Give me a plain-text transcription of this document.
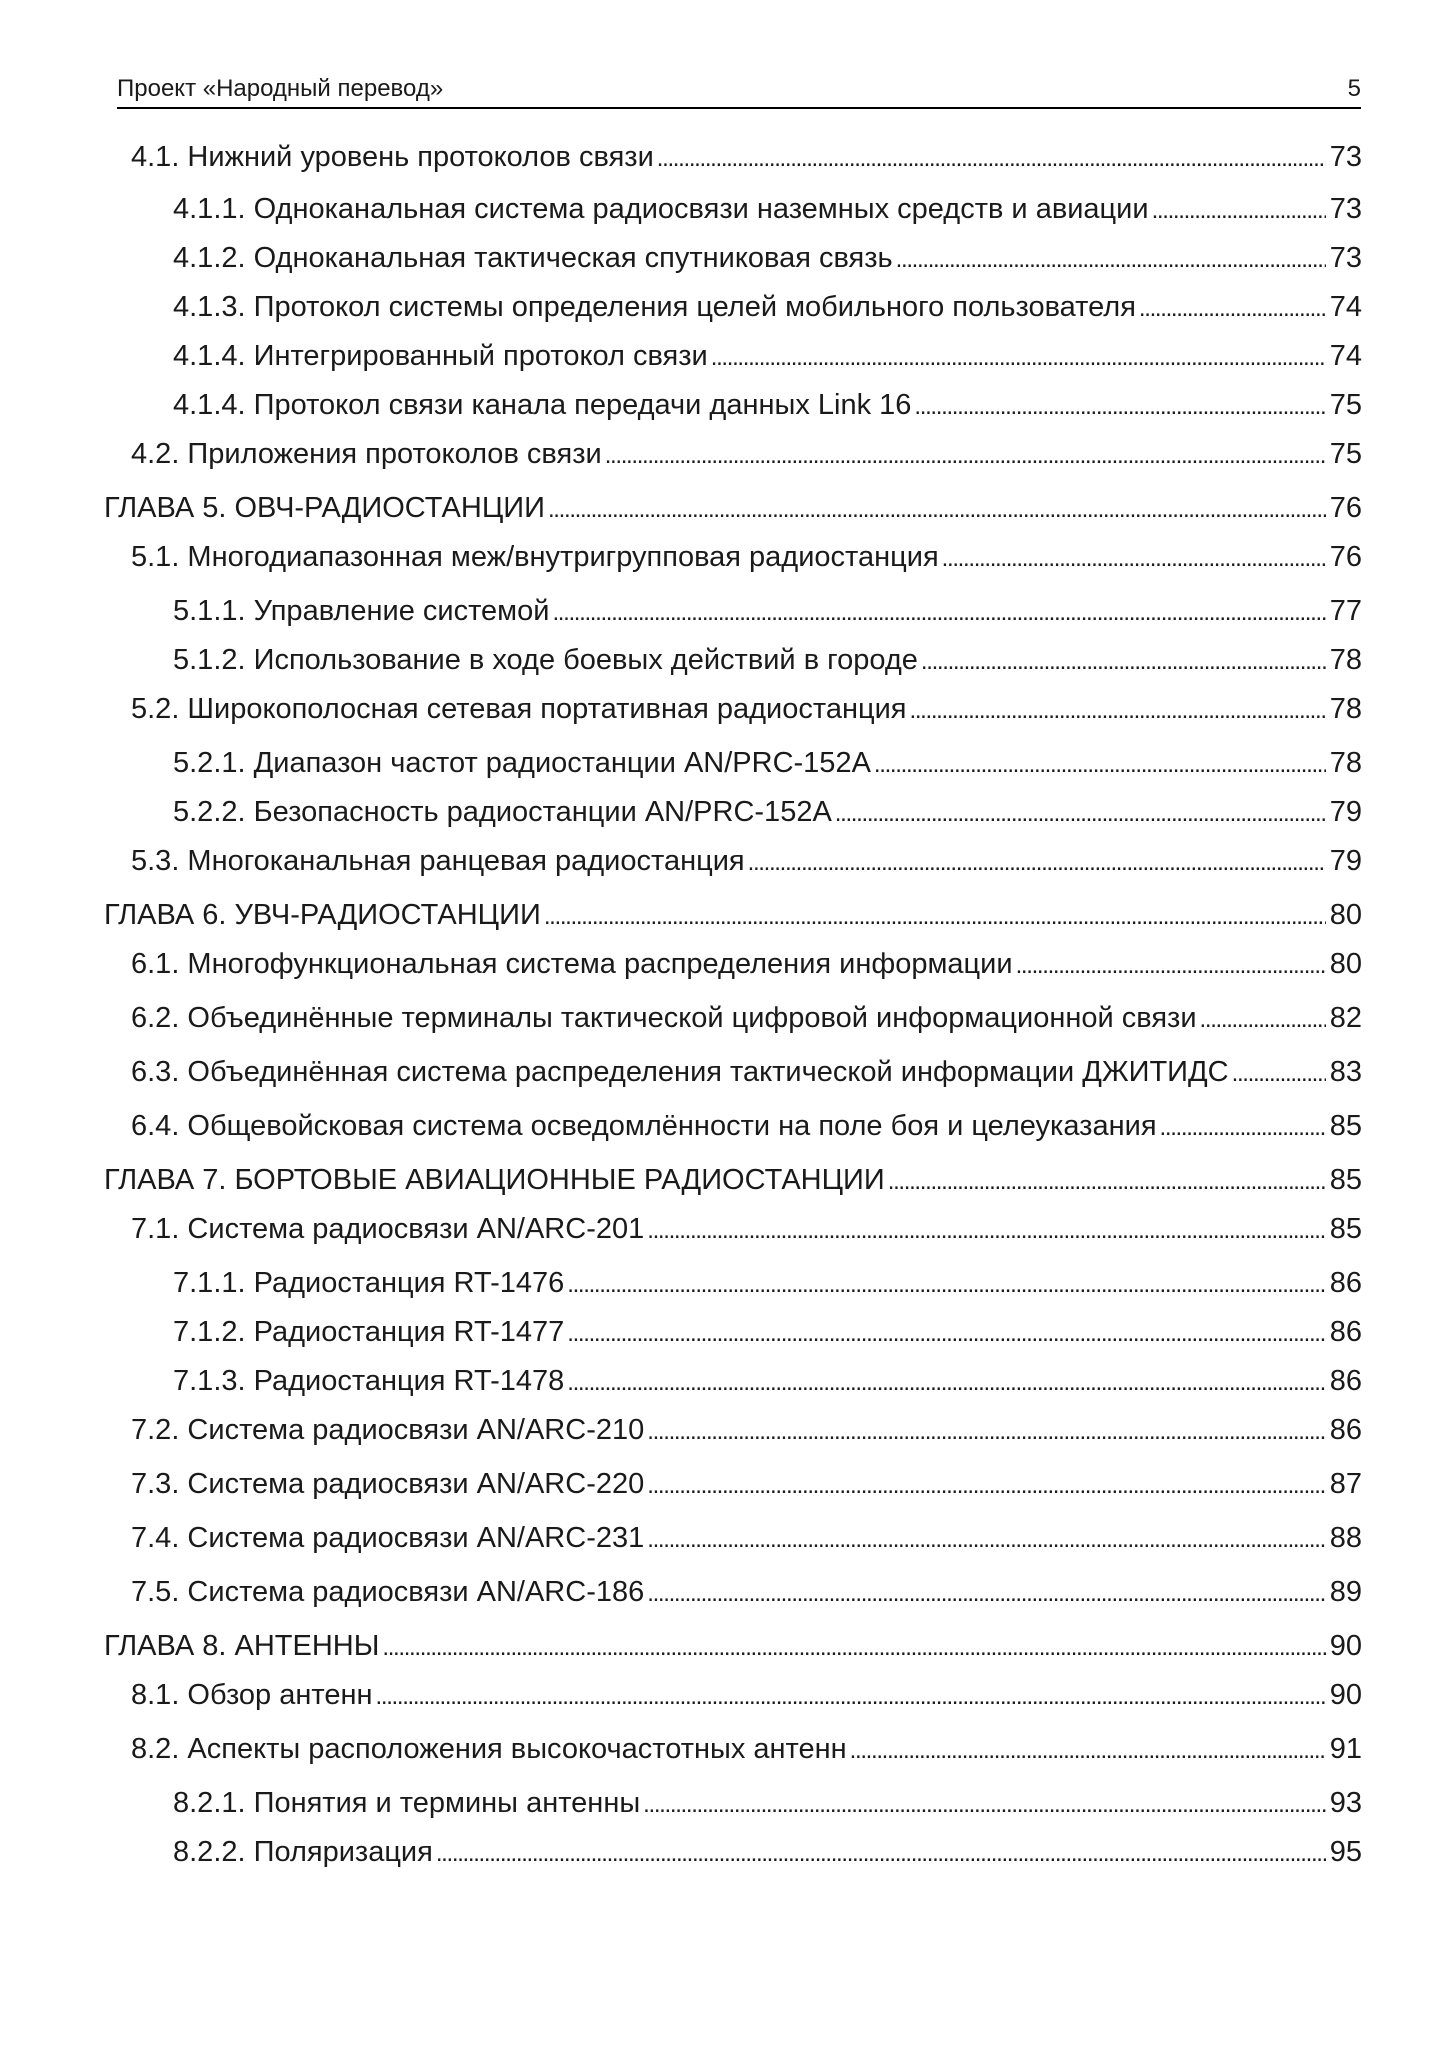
Проект «Народный перевод»	5
4.1. Нижний уровень протоколов связи . . .	73
4.1.1. Одноканальная система радиосвязи наземных средств и авиации . . .	73
4.1.2. Одноканальная тактическая спутниковая связь . . .	73
4.1.3. Протокол системы определения целей мобильного пользователя . . .	74
4.1.4. Интегрированный протокол связи . . .	74
4.1.4. Протокол связи канала передачи данных Link 16 . . .	75
4.2. Приложения протоколов связи . . .	75
ГЛАВА 5. ОВЧ-РАДИОСТАНЦИИ . . .	76
5.1. Многодиапазонная меж/внутригрупповая радиостанция . . .	76
5.1.1. Управление системой . . .	77
5.1.2. Использование в ходе боевых действий в городе . . .	78
5.2. Широкополосная сетевая портативная радиостанция . . .	78
5.2.1. Диапазон частот радиостанции AN/PRC-152A . . .	78
5.2.2. Безопасность радиостанции AN/PRC-152A . . .	79
5.3. Многоканальная ранцевая радиостанция . . .	79
ГЛАВА 6. УВЧ-РАДИОСТАНЦИИ . . .	80
6.1. Многофункциональная система распределения информации . . .	80
6.2. Объединённые терминалы тактической цифровой информационной связи . . .	82
6.3. Объединённая система распределения тактической информации ДЖИТИДС . . .	83
6.4. Общевойсковая система осведомлённости на поле боя и целеуказания . . .	85
ГЛАВА 7. БОРТОВЫЕ АВИАЦИОННЫЕ РАДИОСТАНЦИИ . . .	85
7.1. Система радиосвязи AN/ARC-201 . . .	85
7.1.1. Радиостанция RT-1476 . . .	86
7.1.2. Радиостанция RT-1477 . . .	86
7.1.3. Радиостанция RT-1478 . . .	86
7.2. Система радиосвязи AN/ARC-210 . . .	86
7.3. Система радиосвязи AN/ARC-220 . . .	87
7.4. Система радиосвязи AN/ARC-231 . . .	88
7.5. Система радиосвязи AN/ARC-186 . . .	89
ГЛАВА 8. АНТЕННЫ . . .	90
8.1. Обзор антенн . . .	90
8.2. Аспекты расположения высокочастотных антенн . . .	91
8.2.1. Понятия и термины антенны . . .	93
8.2.2. Поляризация . . .	95
